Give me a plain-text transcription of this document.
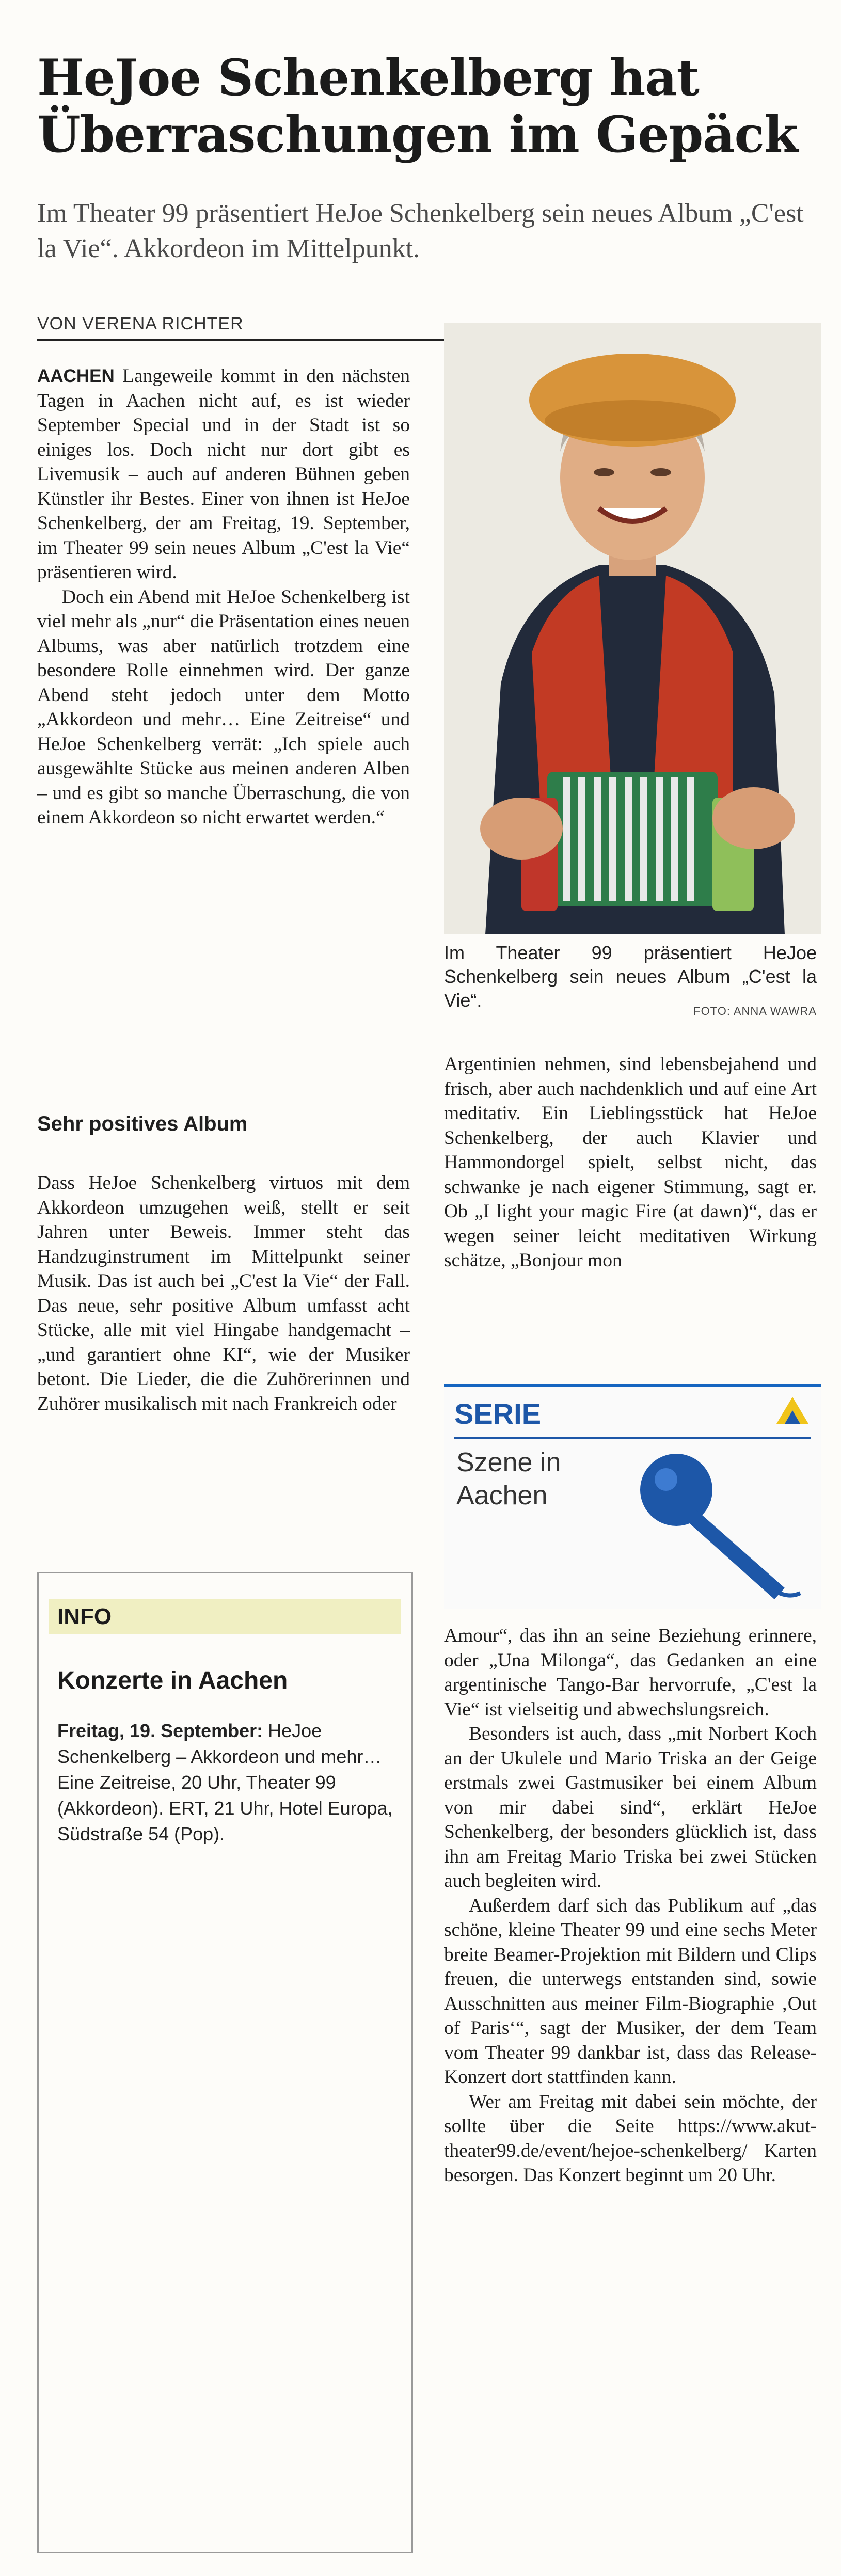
HeJoe Schenkelberg hat Überraschungen im Gepäck

Im Theater 99 präsentiert HeJoe Schenkelberg sein neues Album „C'est la Vie“. Akkordeon im Mittelpunkt.

VON VERENA RICHTER

AACHEN Langeweile kommt in den nächsten Tagen in Aachen nicht auf, es ist wieder September Special und in der Stadt ist so einiges los. Doch nicht nur dort gibt es Livemusik – auch auf anderen Bühnen geben Künstler ihr Bestes. Einer von ihnen ist HeJoe Schenkelberg, der am Freitag, 19. September, im Theater 99 sein neues Album „C'est la Vie“ präsentieren wird.

Doch ein Abend mit HeJoe Schenkelberg ist viel mehr als „nur“ die Präsentation eines neuen Albums, was aber natürlich trotzdem eine besondere Rolle einnehmen wird. Der ganze Abend steht jedoch unter dem Motto „Akkordeon und mehr… Eine Zeitreise“ und HeJoe Schenkelberg verrät: „Ich spiele auch ausgewählte Stücke aus meinen anderen Alben – und es gibt so manche Überraschung, die von einem Akkordeon so nicht erwartet werden.“

Sehr positives Album

Dass HeJoe Schenkelberg virtuos mit dem Akkordeon umzugehen weiß, stellt er seit Jahren unter Beweis. Immer steht das Handzuginstrument im Mittelpunkt seiner Musik. Das ist auch bei „C'est la Vie“ der Fall. Das neue, sehr positive Album umfasst acht Stücke, alle mit viel Hingabe handgemacht – „und garantiert ohne KI“, wie der Musiker betont. Die Lieder, die die Zuhörerinnen und Zuhörer musikalisch mit nach Frankreich oder

Im Theater 99 präsentiert HeJoe Schenkelberg sein neues Album „C'est la Vie“.
FOTO: ANNA WAWRA

Argentinien nehmen, sind lebensbejahend und frisch, aber auch nachdenklich und auf eine Art meditativ. Ein Lieblingsstück hat HeJoe Schenkelberg, der auch Klavier und Hammondorgel spielt, selbst nicht, das schwanke je nach eigener Stimmung, sagt er. Ob „I light your magic Fire (at dawn)“, das er wegen seiner leicht meditativen Wirkung schätze, „Bonjour mon

SERIE
Szene in Aachen

Amour“, das ihn an seine Beziehung erinnere, oder „Una Milonga“, das Gedanken an eine argentinische Tango-Bar hervorrufe, „C'est la Vie“ ist vielseitig und abwechslungsreich.

Besonders ist auch, dass „mit Norbert Koch an der Ukulele und Mario Triska an der Geige erstmals zwei Gastmusiker bei einem Album von mir dabei sind“, erklärt HeJoe Schenkelberg, der besonders glücklich ist, dass ihn am Freitag Mario Triska bei zwei Stücken auch begleiten wird.

Außerdem darf sich das Publikum auf „das schöne, kleine Theater 99 und eine sechs Meter breite Beamer-Projektion mit Bildern und Clips freuen, die unterwegs entstanden sind, sowie Ausschnitten aus meiner Film-Biographie ‚Out of Paris‘“, sagt der Musiker, der dem Team vom Theater 99 dankbar ist, dass das Release-Konzert dort stattfinden kann.

Wer am Freitag mit dabei sein möchte, der sollte über die Seite https://www.akut-theater99.de/event/hejoe-schenkelberg/ Karten besorgen. Das Konzert beginnt um 20 Uhr.

INFO
Konzerte in Aachen
Freitag, 19. September: HeJoe Schenkelberg – Akkordeon und mehr… Eine Zeitreise, 20 Uhr, Theater 99 (Akkordeon). ERT, 21 Uhr, Hotel Europa, Südstraße 54 (Pop).
